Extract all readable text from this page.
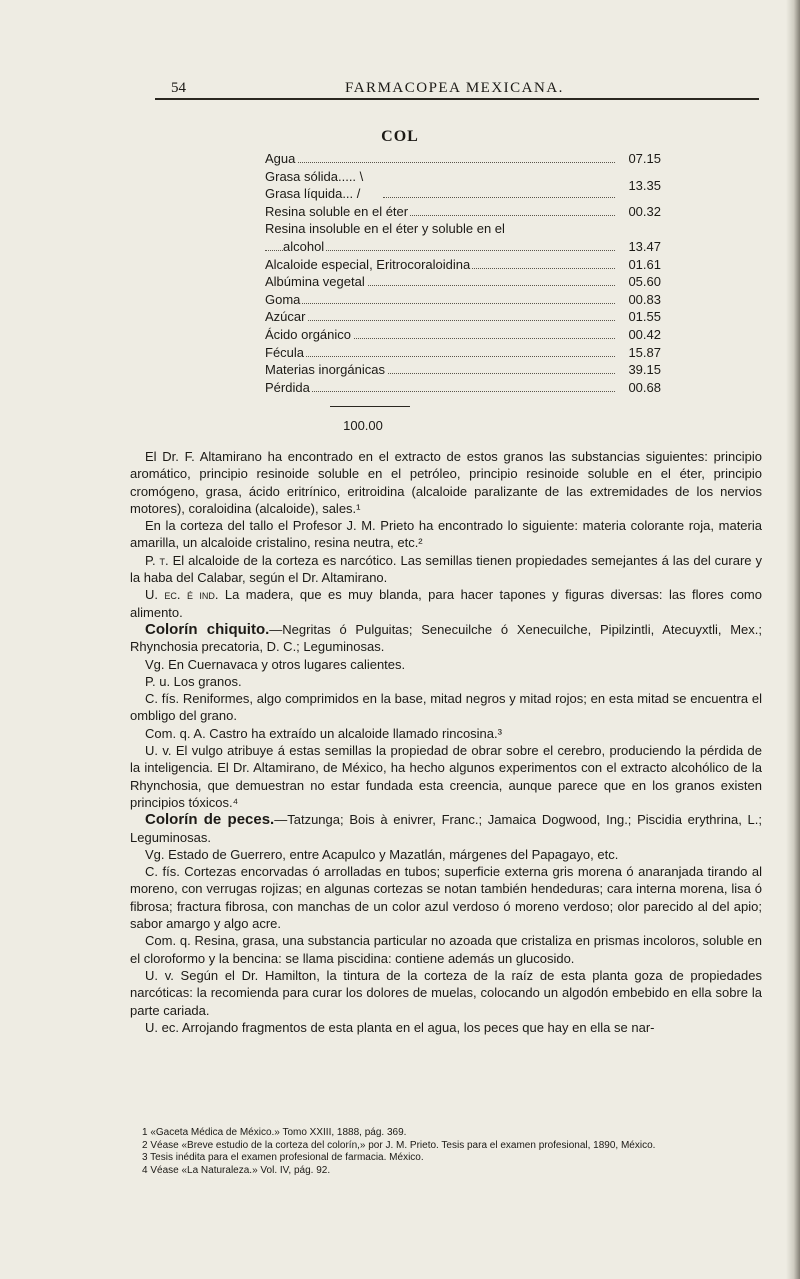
54	FARMACOPEA MEXICANA.
COL
Agua	07.15
Grasa sólida..... \
Grasa líquida... /
13.35
Resina soluble en el éter	00.32
Resina insoluble en el éter y soluble en el
alcohol	13.47
Alcaloide especial, Eritrocoraloidina	01.61
Albúmina vegetal	05.60
Goma	00.83
Azúcar	01.55
Ácido orgánico	00.42
Fécula	15.87
Materias inorgánicas	39.15
Pérdida	00.68
100.00

El Dr. F. Altamirano ha encontrado en el extracto de estos granos las substancias siguientes: principio aromático, principio resinoide soluble en el petróleo, principio resinoide soluble en el éter, principio cromógeno, grasa, ácido eritrínico, eritroidina (alcaloide paralizante de las extremidades de los nervios motores), coraloidina (alcaloide), sales.¹

En la corteza del tallo el Profesor J. M. Prieto ha encontrado lo siguiente: materia colorante roja, materia amarilla, un alcaloide cristalino, resina neutra, etc.²

P. t. El alcaloide de la corteza es narcótico. Las semillas tienen propiedades semejantes á las del curare y la haba del Calabar, según el Dr. Altamirano.

U. ec. é ind. La madera, que es muy blanda, para hacer tapones y figuras diversas: las flores como alimento.

Colorín chiquito.—Negritas ó Pulguitas; Senecuilche ó Xenecuilche, Pipilzintli, Atecuyxtli, Mex.; Rhynchosia precatoria, D. C.; Leguminosas.

Vg. En Cuernavaca y otros lugares calientes.

P. u. Los granos.

C. fís. Reniformes, algo comprimidos en la base, mitad negros y mitad rojos; en esta mitad se encuentra el ombligo del grano.

Com. q. A. Castro ha extraído un alcaloide llamado rincosina.³

U. v. El vulgo atribuye á estas semillas la propiedad de obrar sobre el cerebro, produciendo la pérdida de la inteligencia. El Dr. Altamirano, de México, ha hecho algunos experimentos con el extracto alcohólico de la Rhynchosia, que demuestran no estar fundada esta creencia, aunque parece que en los granos existen principios tóxicos.⁴

Colorín de peces.—Tatzunga; Bois à enivrer, Franc.; Jamaica Dogwood, Ing.; Piscidia erythrina, L.; Leguminosas.

Vg. Estado de Guerrero, entre Acapulco y Mazatlán, márgenes del Papagayo, etc.

C. fís. Cortezas encorvadas ó arrolladas en tubos; superficie externa gris morena ó anaranjada tirando al moreno, con verrugas rojizas; en algunas cortezas se notan también hendeduras; cara interna morena, lisa ó fibrosa; fractura fibrosa, con manchas de un color azul verdoso ó moreno verdoso; olor parecido al del apio; sabor amargo y algo acre.

Com. q. Resina, grasa, una substancia particular no azoada que cristaliza en prismas incoloros, soluble en el cloroformo y la bencina: se llama piscidina: contiene además un glucosido.

U. v. Según el Dr. Hamilton, la tintura de la corteza de la raíz de esta planta goza de propiedades narcóticas: la recomienda para curar los dolores de muelas, colocando un algodón embebido en ella sobre la parte cariada.

U. ec. Arrojando fragmentos de esta planta en el agua, los peces que hay en ella se nar-

1 «Gaceta Médica de México.» Tomo XXIII, 1888, pág. 369.

2 Véase «Breve estudio de la corteza del colorín,» por J. M. Prieto. Tesis para el examen profesional, 1890, México.

3 Tesis inédita para el examen profesional de farmacia. México.

4 Véase «La Naturaleza.» Vol. IV, pág. 92.
